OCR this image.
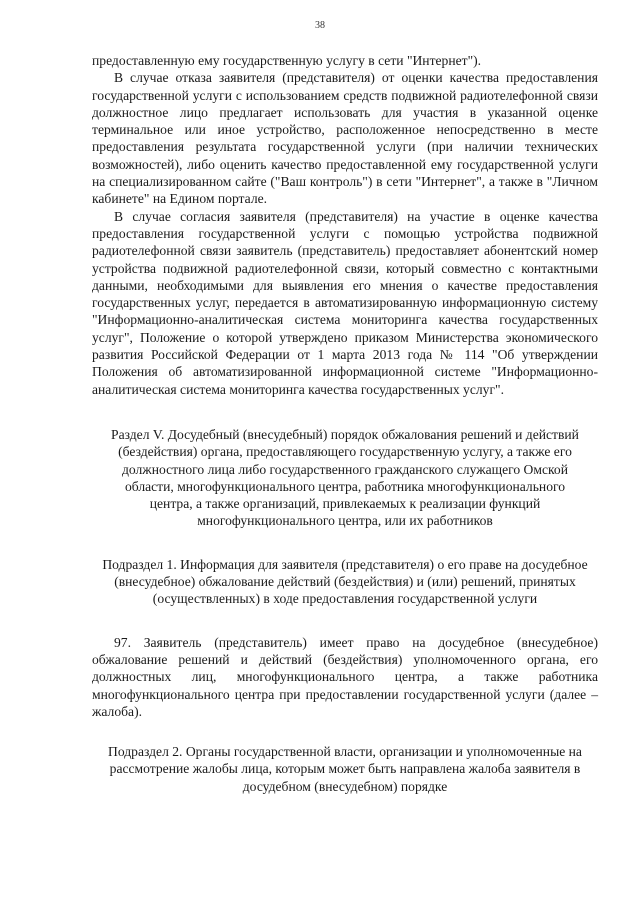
38

предоставленную ему государственную услугу в сети "Интернет").

В случае отказа заявителя (представителя) от оценки качества предоставления государственной услуги с использованием средств подвижной радиотелефонной связи должностное лицо предлагает использовать для участия в указанной оценке терминальное или иное устройство, расположенное непосредственно в месте предоставления результата государственной услуги (при наличии технических возможностей), либо оценить качество предоставленной ему государственной услуги на специализированном сайте ("Ваш контроль") в сети "Интернет", а также в "Личном кабинете" на Едином портале.

В случае согласия заявителя (представителя) на участие в оценке качества предоставления государственной услуги с помощью устройства подвижной радиотелефонной связи заявитель (представитель) предоставляет абонентский номер устройства подвижной радиотелефонной связи, который совместно с контактными данными, необходимыми для выявления его мнения о качестве предоставления государственных услуг, передается в автоматизированную информационную систему "Информационно-аналитическая система мониторинга качества государственных услуг", Положение о которой утверждено приказом Министерства экономического развития Российской Федерации от 1 марта 2013 года № 114 "Об утверждении Положения об автоматизированной информационной системе "Информационно-аналитическая система мониторинга качества государственных услуг".

Раздел V. Досудебный (внесудебный) порядок обжалования решений и действий (бездействия) органа, предоставляющего государственную услугу, а также его должностного лица либо государственного гражданского служащего Омской области, многофункционального центра, работника многофункционального центра, а также организаций, привлекаемых к реализации функций многофункционального центра, или их работников

Подраздел 1. Информация для заявителя (представителя) о его праве на досудебное (внесудебное) обжалование действий (бездействия) и (или) решений, принятых (осуществленных) в ходе предоставления государственной услуги

97. Заявитель (представитель) имеет право на досудебное (внесудебное) обжалование решений и действий (бездействия) уполномоченного органа, его должностных лиц, многофункционального центра, а также работника многофункционального центра при предоставлении государственной услуги (далее – жалоба).

Подраздел 2. Органы государственной власти, организации и уполномоченные на рассмотрение жалобы лица, которым может быть направлена жалоба заявителя в досудебном (внесудебном) порядке
